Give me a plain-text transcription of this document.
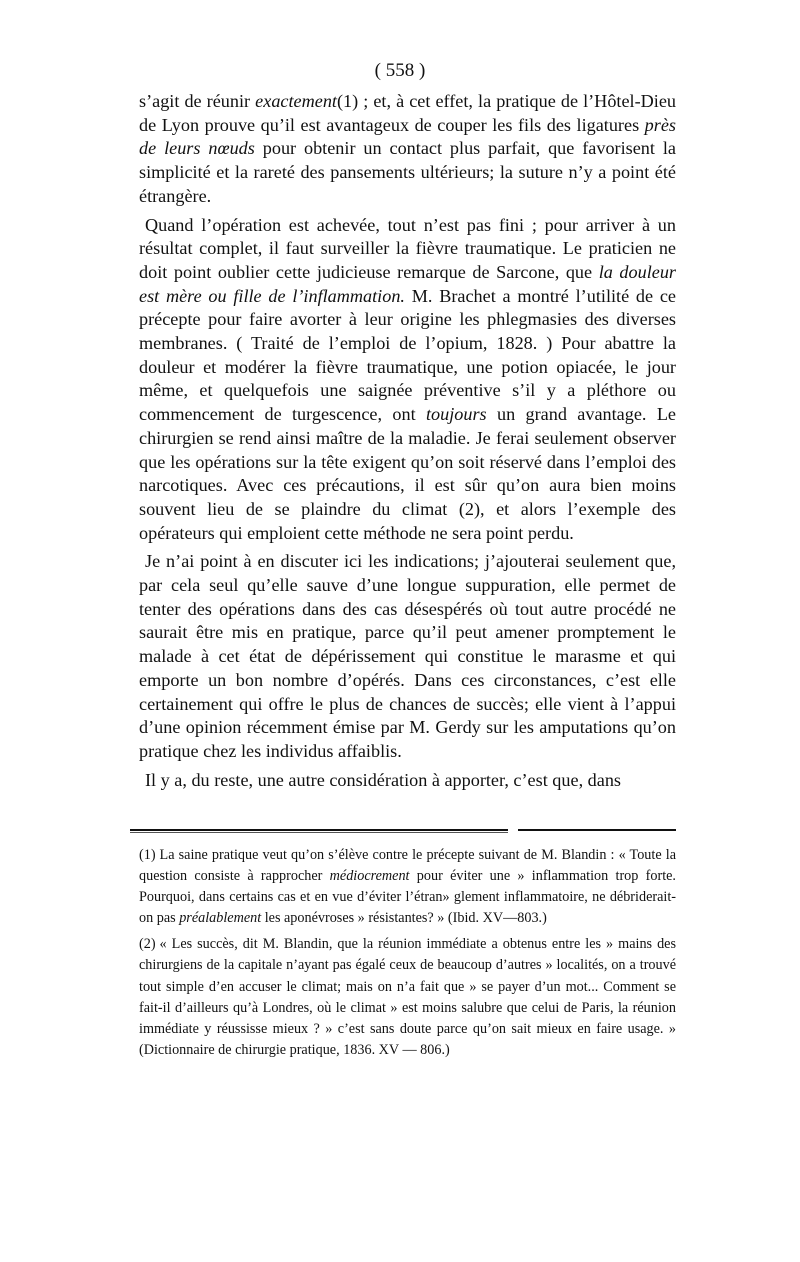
( 558 )

s’agit de réunir exactement(1) ; et, à cet effet, la pratique de l’Hôtel-Dieu de Lyon prouve qu’il est avantageux de couper les fils des ligatures près de leurs nœuds pour obtenir un contact plus parfait, que favorisent la simplicité et la rareté des pansements ultérieurs; la suture n’y a point été étrangère.

Quand l’opération est achevée, tout n’est pas fini ; pour arriver à un résultat complet, il faut surveiller la fièvre traumatique. Le praticien ne doit point oublier cette judicieuse remarque de Sarcone, que la douleur est mère ou fille de l’inflammation. M. Brachet a montré l’utilité de ce précepte pour faire avorter à leur origine les phlegmasies des diverses membranes. ( Traité de l’emploi de l’opium, 1828. ) Pour abattre la douleur et modérer la fièvre traumatique, une potion opiacée, le jour même, et quelquefois une saignée préventive s’il y a pléthore ou commencement de turgescence, ont toujours un grand avantage. Le chirurgien se rend ainsi maître de la maladie. Je ferai seulement observer que les opérations sur la tête exigent qu’on soit réservé dans l’emploi des narcotiques. Avec ces précautions, il est sûr qu’on aura bien moins souvent lieu de se plaindre du climat (2), et alors l’exemple des opérateurs qui emploient cette méthode ne sera point perdu.

Je n’ai point à en discuter ici les indications; j’ajouterai seulement que, par cela seul qu’elle sauve d’une longue suppuration, elle permet de tenter des opérations dans des cas désespérés où tout autre procédé ne saurait être mis en pratique, parce qu’il peut amener promptement le malade à cet état de dépérissement qui constitue le marasme et qui emporte un bon nombre d’opérés. Dans ces circonstances, c’est elle certainement qui offre le plus de chances de succès; elle vient à l’appui d’une opinion récemment émise par M. Gerdy sur les amputations qu’on pratique chez les individus affaiblis.

Il y a, du reste, une autre considération à apporter, c’est que, dans

(1) La saine pratique veut qu’on s’élève contre le précepte suivant de M. Blandin : « Toute la question consiste à rapprocher médiocrement pour éviter une » inflammation trop forte. Pourquoi, dans certains cas et en vue d’éviter l’étran» glement inflammatoire, ne débriderait-on pas préalablement les aponévroses » résistantes? » (Ibid. XV—803.)

(2) « Les succès, dit M. Blandin, que la réunion immédiate a obtenus entre les » mains des chirurgiens de la capitale n’ayant pas égalé ceux de beaucoup d’autres » localités, on a trouvé tout simple d’en accuser le climat; mais on n’a fait que » se payer d’un mot... Comment se fait-il d’ailleurs qu’à Londres, où le climat » est moins salubre que celui de Paris, la réunion immédiate y réussisse mieux ? » c’est sans doute parce qu’on sait mieux en faire usage. » (Dictionnaire de chirurgie pratique, 1836. XV — 806.)
